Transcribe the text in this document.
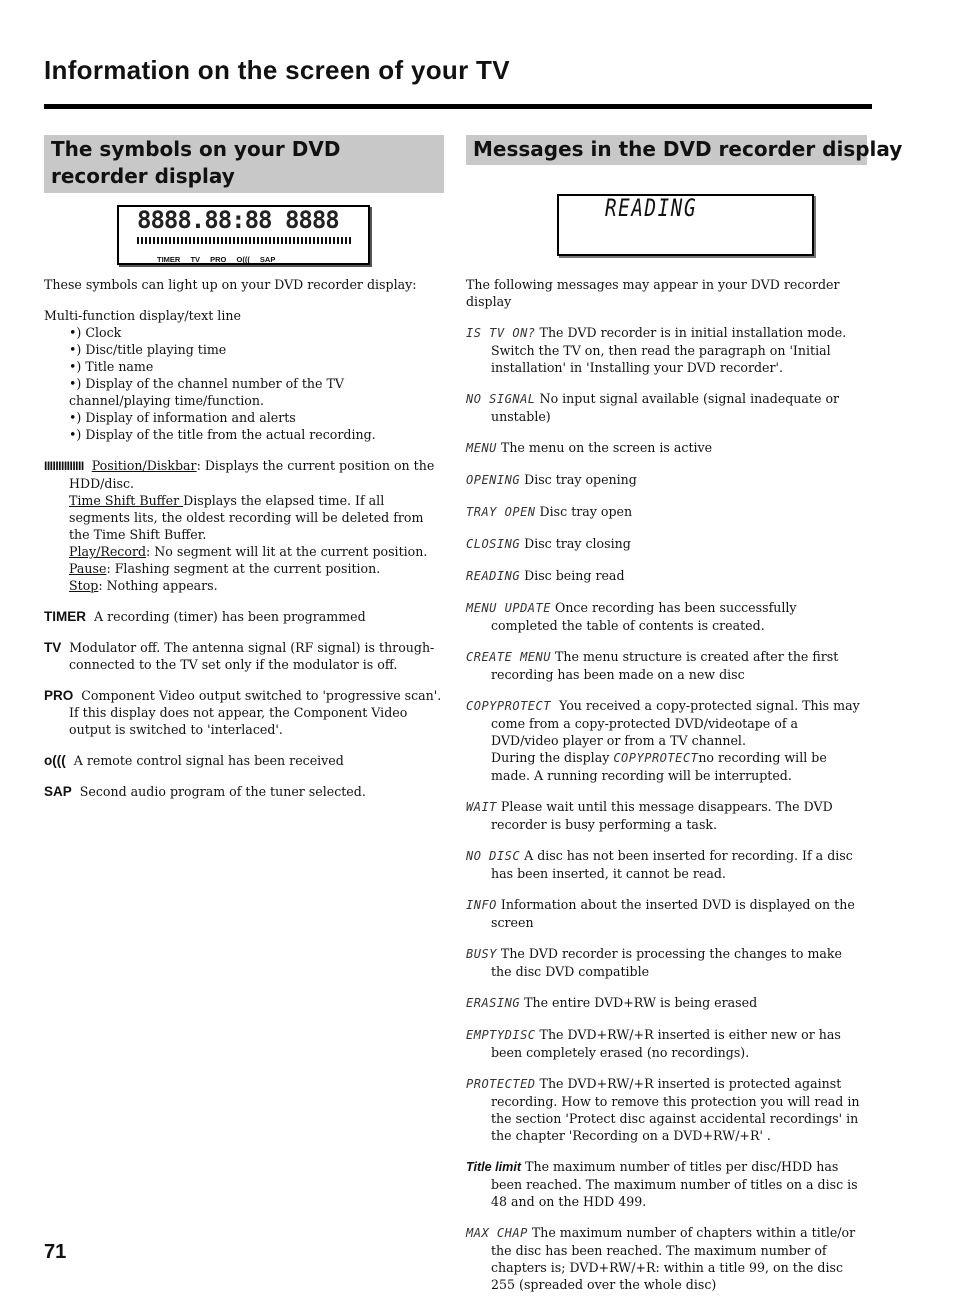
Information on the screen of your TV
The symbols on your DVD recorder display
Messages in the DVD recorder display
8888.88:88 8888
TIMER TV PRO O((( SAP
READING

These symbols can light up on your DVD recorder display:

Multi-function display/text line

•) Clock

•) Disc/title playing time

•) Title name

•) Display of the channel number of the TV channel/playing time/function.

•) Display of information and alerts

•) Display of the title from the actual recording.

IIIIIIIIIIIIII Position/Diskbar: Displays the current position on the HDD/disc.
Time Shift Buffer Displays the elapsed time. If all segments lits, the oldest recording will be deleted from the Time Shift Buffer.
Play/Record: No segment will lit at the current position.
Pause: Flashing segment at the current position.
Stop: Nothing appears.

TIMER A recording (timer) has been programmed

TV Modulator off. The antenna signal (RF signal) is through-connected to the TV set only if the modulator is off.

PRO Component Video output switched to 'progressive scan'. If this display does not appear, the Component Video output is switched to 'interlaced'.

o((( A remote control signal has been received

SAP Second audio program of the tuner selected.

The following messages may appear in your DVD recorder display

IS TV ON? The DVD recorder is in initial installation mode. Switch the TV on, then read the paragraph on 'Initial installation' in 'Installing your DVD recorder'.

NO SIGNAL No input signal available (signal inadequate or unstable)

MENU The menu on the screen is active

OPENING Disc tray opening

TRAY OPEN Disc tray open

CLOSING Disc tray closing

READING Disc being read

MENU UPDATE Once recording has been successfully completed the table of contents is created.

CREATE MENU The menu structure is created after the first recording has been made on a new disc

COPYPROTECT You received a copy-protected signal. This may come from a copy-protected DVD/videotape of a DVD/video player or from a TV channel.
During the display COPYPROTECTno recording will be made. A running recording will be interrupted.

WAIT Please wait until this message disappears. The DVD recorder is busy performing a task.

NO DISC A disc has not been inserted for recording. If a disc has been inserted, it cannot be read.

INFO Information about the inserted DVD is displayed on the screen

BUSY The DVD recorder is processing the changes to make the disc DVD compatible

ERASING The entire DVD+RW is being erased

EMPTYDISC The DVD+RW/+R inserted is either new or has been completely erased (no recordings).

PROTECTED The DVD+RW/+R inserted is protected against recording. How to remove this protection you will read in the section 'Protect disc against accidental recordings' in the chapter 'Recording on a DVD+RW/+R' .

Title limit The maximum number of titles per disc/HDD has been reached. The maximum number of titles on a disc is 48 and on the HDD 499.

MAX CHAP The maximum number of chapters within a title/or the disc has been reached. The maximum number of chapters is; DVD+RW/+R: within a title 99, on the disc 255 (spreaded over the whole disc)

71
